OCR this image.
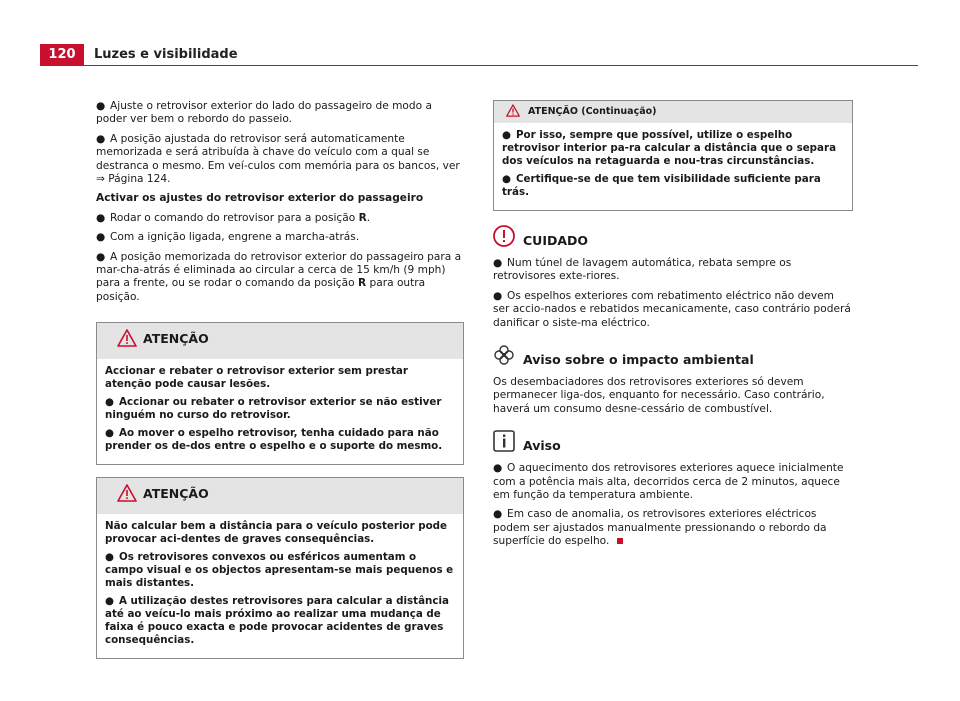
120	Luzes e visibilidade

● Ajuste o retrovisor exterior do lado do passageiro de modo a poder ver bem o rebordo do passeio.

● A posição ajustada do retrovisor será automaticamente memorizada e será atribuída à chave do veículo com a qual se destranca o mesmo. Em veí-culos com memória para os bancos, ver ⇒ Página 124.

Activar os ajustes do retrovisor exterior do passageiro

● Rodar o comando do retrovisor para a posição R.

● Com a ignição ligada, engrene a marcha-atrás.

● A posição memorizada do retrovisor exterior do passageiro para a mar-cha-atrás é eliminada ao circular a cerca de 15 km/h (9 mph) para a frente, ou se rodar o comando da posição R para outra posição.

ATENÇÃO

Accionar e rebater o retrovisor exterior sem prestar atenção pode causar lesões.

● Accionar ou rebater o retrovisor exterior se não estiver ninguém no curso do retrovisor.

● Ao mover o espelho retrovisor, tenha cuidado para não prender os de-dos entre o espelho e o suporte do mesmo.

ATENÇÃO

Não calcular bem a distância para o veículo posterior pode provocar aci-dentes de graves consequências.

● Os retrovisores convexos ou esféricos aumentam o campo visual e os objectos apresentam-se mais pequenos e mais distantes.

● A utilização destes retrovisores para calcular a distância até ao veícu-lo mais próximo ao realizar uma mudança de faixa é pouco exacta e pode provocar acidentes de graves consequências.

ATENÇÃO (Continuação)

● Por isso, sempre que possível, utilize o espelho retrovisor interior pa-ra calcular a distância que o separa dos veículos na retaguarda e nou-tras circunstâncias.

● Certifique-se de que tem visibilidade suficiente para trás.

CUIDADO

● Num túnel de lavagem automática, rebata sempre os retrovisores exte-riores.

● Os espelhos exteriores com rebatimento eléctrico não devem ser accio-nados e rebatidos mecanicamente, caso contrário poderá danificar o siste-ma eléctrico.

Aviso sobre o impacto ambiental

Os desembaciadores dos retrovisores exteriores só devem permanecer liga-dos, enquanto for necessário. Caso contrário, haverá um consumo desne-cessário de combustível.

Aviso

● O aquecimento dos retrovisores exteriores aquece inicialmente com a potência mais alta, decorridos cerca de 2 minutos, aquece em função da temperatura ambiente.

● Em caso de anomalia, os retrovisores exteriores eléctricos podem ser ajustados manualmente pressionando o rebordo da superfície do espelho.
